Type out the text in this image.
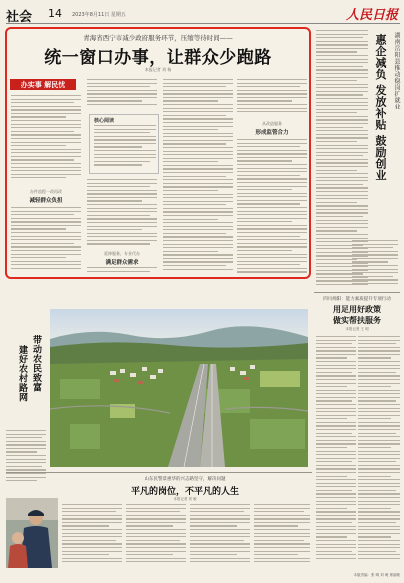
社会 14 2023年8月11日 星期五	人民日报
青海省西宁市减少政府服务环节，压缩等待时间——
统一窗口办事，让群众少跑路
本报记者 刘 杨
办实事 解民忧
办件流程一改再改
减轻群众负担
核心阅读
延伸服务，专业代办
满足群众需求
从改造服务
形成监管合力
湖南岳阳县推动稳岗扩就业
惠企减负 发放补贴 鼓励创业
四川绵阳：能力素质提升专项行动
用足用好政策
做实帮扶服务
本报记者 王 明
带动农民致富
建好农村路网
山东民警景惠华的兴志路坚守，解决问题
平凡的岗位，不平凡的人生
本报记者 刘 敏
本版责编：张 晴 刘 萌 邢丽敏
